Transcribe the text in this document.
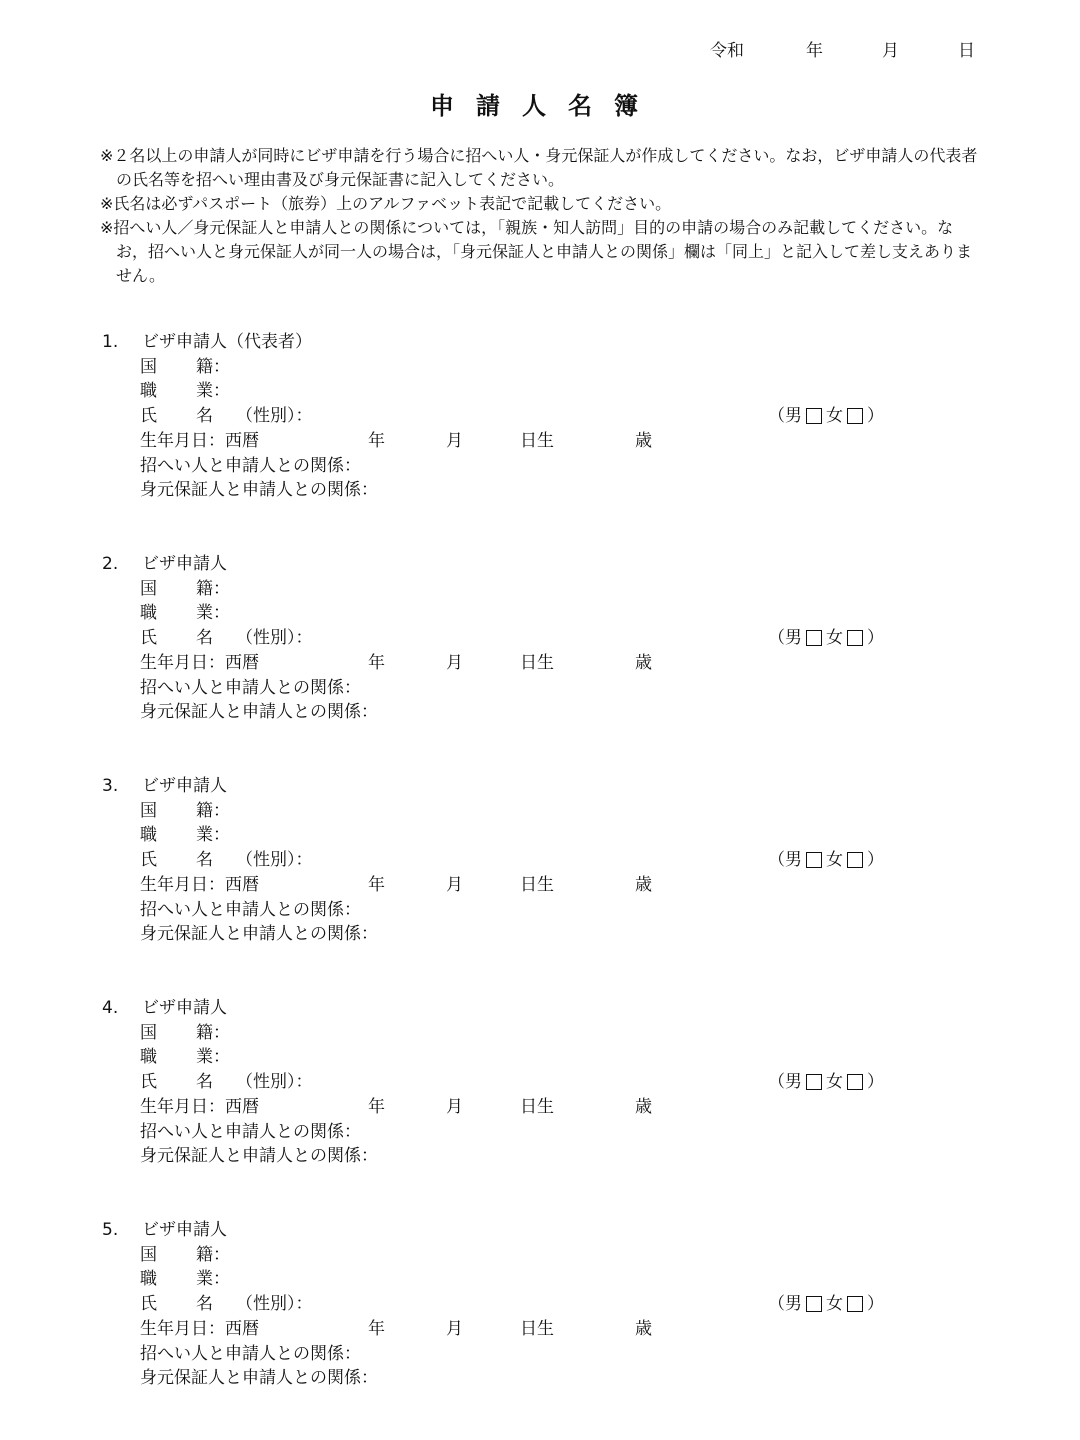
令和	年	月	日
申請人名簿
※２名以上の申請人が同時にビザ申請を行う場合に招へい人・身元保証人が作成してください。なお，ビザ申請人の代表者の氏名等を招へい理由書及び身元保証書に記入してください。
※氏名は必ずパスポート（旅券）上のアルファベット表記で記載してください。
※招へい人／身元保証人と申請人との関係については，「親族・知人訪問」目的の申請の場合のみ記載してください。なお，招へい人と身元保証人が同一人の場合は，「身元保証人と申請人との関係」欄は「同上」と記入して差し支えありません。
1. ビザ申請人（代表者）
国 籍：
職 業：
氏 名 （性別）：	（男 女 ）
生年月日：西暦	年	月	日生	歳
招へい人と申請人との関係：
身元保証人と申請人との関係：
2. ビザ申請人
国 籍：
職 業：
氏 名 （性別）：	（男 女 ）
生年月日：西暦	年	月	日生	歳
招へい人と申請人との関係：
身元保証人と申請人との関係：
3. ビザ申請人
国 籍：
職 業：
氏 名 （性別）：	（男 女 ）
生年月日：西暦	年	月	日生	歳
招へい人と申請人との関係：
身元保証人と申請人との関係：
4. ビザ申請人
国 籍：
職 業：
氏 名 （性別）：	（男 女 ）
生年月日：西暦	年	月	日生	歳
招へい人と申請人との関係：
身元保証人と申請人との関係：
5. ビザ申請人
国 籍：
職 業：
氏 名 （性別）：	（男 女 ）
生年月日：西暦	年	月	日生	歳
招へい人と申請人との関係：
身元保証人と申請人との関係：
